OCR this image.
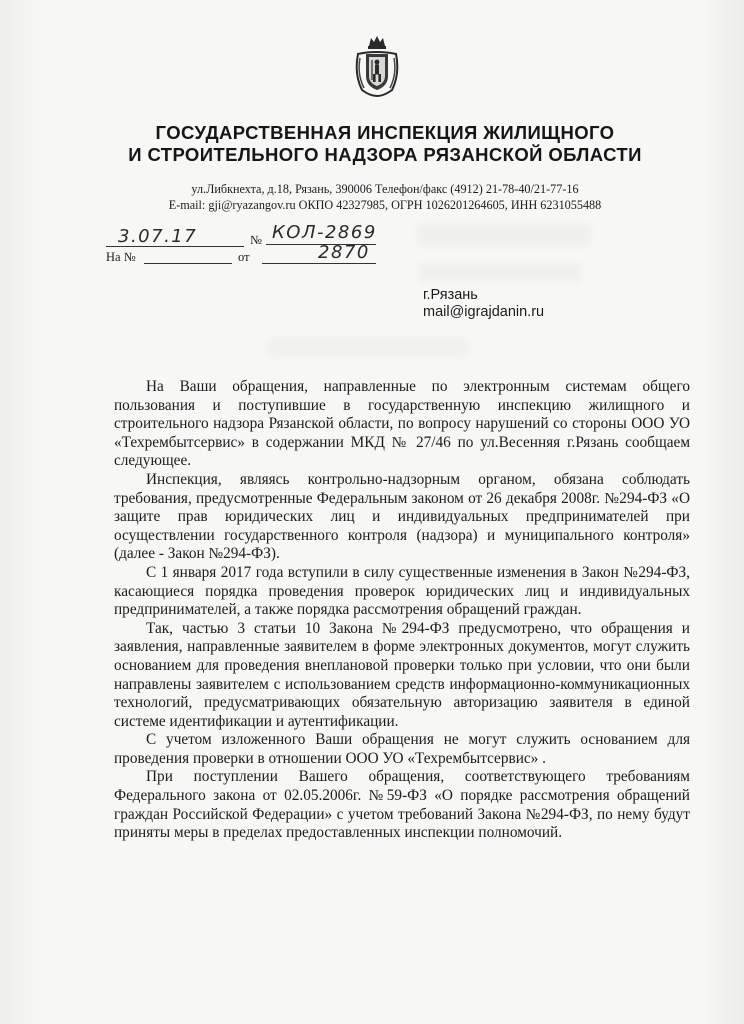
ГОСУДАРСТВЕННАЯ ИНСПЕКЦИЯ ЖИЛИЩНОГО
И СТРОИТЕЛЬНОГО НАДЗОРА РЯЗАНСКОЙ ОБЛАСТИ
ул.Либкнехта, д.18, Рязань, 390006 Телефон/факс (4912) 21-78-40/21-77-16
E-mail: gji@ryazangov.ru ОКПО 42327985, ОГРН 1026201264605, ИНН 6231055488
3.07.17	№ КОЛ-2869
На №	от	2870
г.Рязань
mail@igrajdanin.ru

На Ваши обращения, направленные по электронным системам общего пользования и поступившие в государственную инспекцию жилищного и строительного надзора Рязанской области, по вопросу нарушений со стороны ООО УО «Техрембытсервис» в содержании МКД № 27/46 по ул.Весенняя г.Рязань сообщаем следующее.

Инспекция, являясь контрольно-надзорным органом, обязана соблюдать требования, предусмотренные Федеральным законом от 26 декабря 2008г. №294-ФЗ «О защите прав юридических лиц и индивидуальных предпринимателей при осуществлении государственного контроля (надзора) и муниципального контроля» (далее - Закон №294-ФЗ).

С 1 января 2017 года вступили в силу существенные изменения в Закон №294-ФЗ, касающиеся порядка проведения проверок юридических лиц и индивидуальных предпринимателей, а также порядка рассмотрения обращений граждан.

Так, частью 3 статьи 10 Закона №294-ФЗ предусмотрено, что обращения и заявления, направленные заявителем в форме электронных документов, могут служить основанием для проведения внеплановой проверки только при условии, что они были направлены заявителем с использованием средств информационно-коммуникационных технологий, предусматривающих обязательную авторизацию заявителя в единой системе идентификации и аутентификации.

С учетом изложенного Ваши обращения не могут служить основанием для проведения проверки в отношении ООО УО «Техрембытсервис» .

При поступлении Вашего обращения, соответствующего требованиям Федерального закона от 02.05.2006г. №59-ФЗ «О порядке рассмотрения обращений граждан Российской Федерации» с учетом требований Закона №294-ФЗ, по нему будут приняты меры в пределах предоставленных инспекции полномочий.
